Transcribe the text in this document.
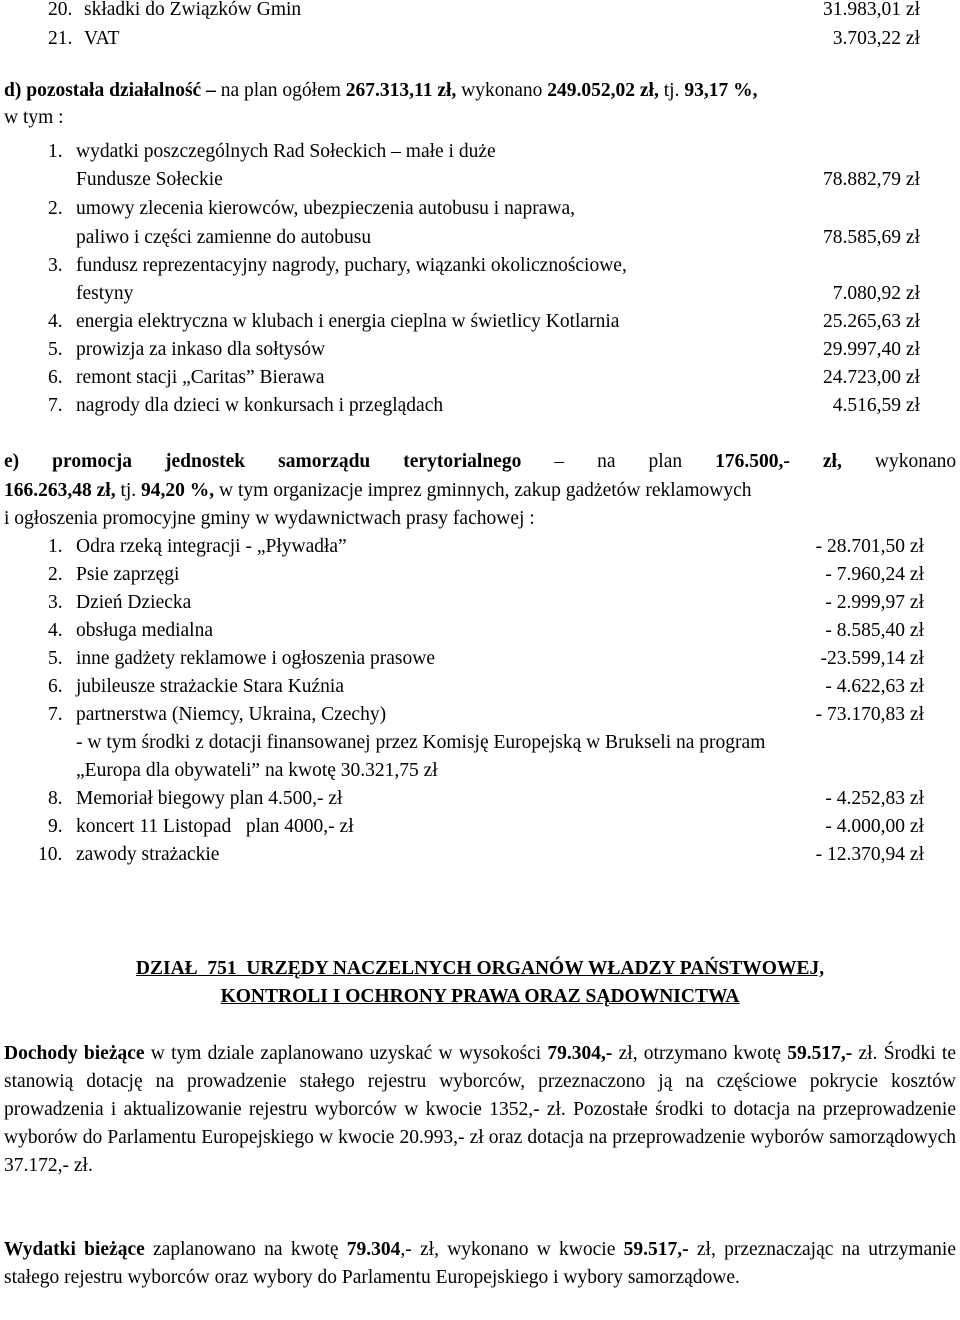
20. składki do Związków Gmin	31.983,01 zł
21. VAT	3.703,22 zł
d) pozostała działalność – na plan ogółem 267.313,11 zł, wykonano 249.052,02 zł, tj. 93,17 %,
w tym :
1. wydatki poszczególnych Rad Sołeckich – małe i duże
Fundusze Sołeckie	78.882,79 zł
2. umowy zlecenia kierowców, ubezpieczenia autobusu i naprawa,
paliwo i części zamienne do autobusu	78.585,69 zł
3. fundusz reprezentacyjny nagrody, puchary, wiązanki okolicznościowe,
festyny	7.080,92 zł
4. energia elektryczna w klubach i energia cieplna w świetlicy Kotlarnia	25.265,63 zł
5. prowizja za inkaso dla sołtysów	29.997,40 zł
6. remont stacji „Caritas” Bierawa	24.723,00 zł
7. nagrody dla dzieci w konkursach i przeglądach	4.516,59 zł
e) promocja jednostek samorządu terytorialnego – na plan 176.500,- zł, wykonano
166.263,48 zł, tj. 94,20 %, w tym organizacje imprez gminnych, zakup gadżetów reklamowych
i ogłoszenia promocyjne gminy w wydawnictwach prasy fachowej :
1. Odra rzeką integracji - „Pływadła”	- 28.701,50 zł
2. Psie zaprzęgi	- 7.960,24 zł
3. Dzień Dziecka	- 2.999,97 zł
4. obsługa medialna	- 8.585,40 zł
5. inne gadżety reklamowe i ogłoszenia prasowe	-23.599,14 zł
6. jubileusze strażackie Stara Kuźnia	- 4.622,63 zł
7. partnerstwa (Niemcy, Ukraina, Czechy)	- 73.170,83 zł
- w tym środki z dotacji finansowanej przez Komisję Europejską w Brukseli na program
„Europa dla obywateli” na kwotę 30.321,75 zł
8. Memoriał biegowy plan 4.500,- zł	- 4.252,83 zł
9. koncert 11 Listopad   plan 4000,- zł	- 4.000,00 zł
10. zawody strażackie	- 12.370,94 zł
DZIAŁ  751  URZĘDY NACZELNYCH ORGANÓW WŁADZY PAŃSTWOWEJ,
KONTROLI I OCHRONY PRAWA ORAZ SĄDOWNICTWA

Dochody bieżące w tym dziale zaplanowano uzyskać w wysokości 79.304,- zł, otrzymano kwotę 59.517,- zł. Środki te stanowią dotację na prowadzenie stałego rejestru wyborców, przeznaczono ją na częściowe pokrycie kosztów prowadzenia i aktualizowanie rejestru wyborców w kwocie 1352,- zł. Pozostałe środki to dotacja na przeprowadzenie wyborów do Parlamentu Europejskiego w kwocie 20.993,- zł oraz dotacja na przeprowadzenie wyborów samorządowych 37.172,- zł.

Wydatki bieżące zaplanowano na kwotę 79.304,- zł, wykonano w kwocie 59.517,- zł, przeznaczając na utrzymanie stałego rejestru wyborców oraz wybory do Parlamentu Europejskiego i wybory samorządowe.
